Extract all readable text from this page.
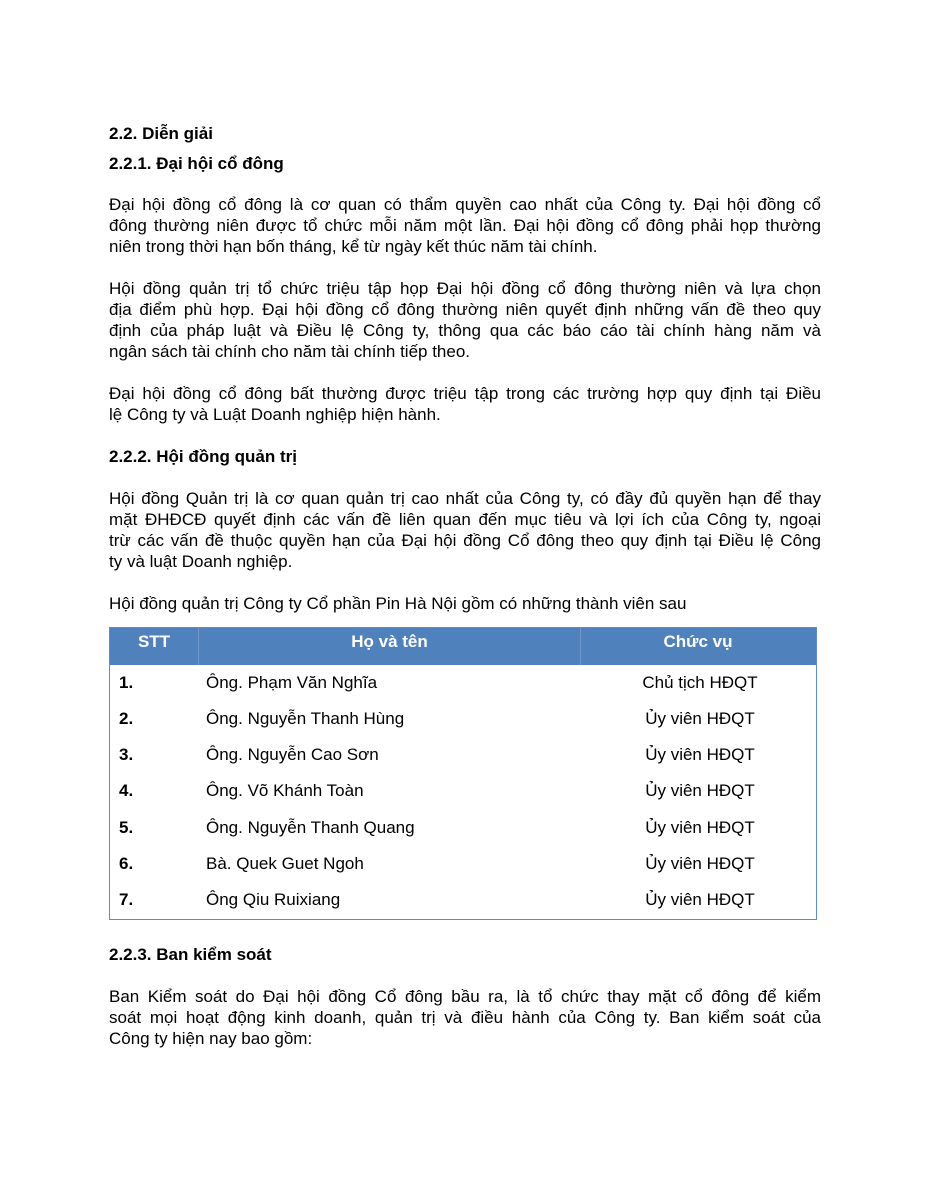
2.2. Diễn giải
2.2.1. Đại hội cổ đông
Đại hội đồng cổ đông là cơ quan có thẩm quyền cao nhất của Công ty. Đại hội đồng cổ
đông thường niên được tổ chức mỗi năm một lần. Đại hội đồng cổ đông phải họp thường
niên trong thời hạn bốn tháng, kể từ ngày kết thúc năm tài chính.
Hội đồng quản trị tổ chức triệu tập họp Đại hội đồng cổ đông thường niên và lựa chọn
địa điểm phù hợp. Đại hội đồng cổ đông thường niên quyết định những vấn đề theo quy
định của pháp luật và Điều lệ Công ty, thông qua các báo cáo tài chính hàng năm và
ngân sách tài chính cho năm tài chính tiếp theo.
Đại hội đồng cổ đông bất thường được triệu tập trong các trường hợp quy định tại Điều
lệ Công ty và Luật Doanh nghiệp hiện hành.
2.2.2. Hội đồng quản trị
Hội đồng Quản trị là cơ quan quản trị cao nhất của Công ty, có đầy đủ quyền hạn để thay
mặt ĐHĐCĐ quyết định các vấn đề liên quan đến mục tiêu và lợi ích của Công ty, ngoại
trừ các vấn đề thuộc quyền hạn của Đại hội đồng Cổ đông theo quy định tại Điều lệ Công
ty và luật Doanh nghiệp.
Hội đồng quản trị Công ty Cổ phần Pin Hà Nội gồm có những thành viên sau
STT	Họ và tên	Chức vụ
1.	Ông. Phạm Văn Nghĩa	Chủ tịch HĐQT
2.	Ông. Nguyễn Thanh Hùng	Ủy viên HĐQT
3.	Ông. Nguyễn Cao Sơn	Ủy viên HĐQT
4.	Ông. Võ Khánh Toàn	Ủy viên HĐQT
5.	Ông. Nguyễn Thanh Quang	Ủy viên HĐQT
6.	Bà. Quek Guet Ngoh	Ủy viên HĐQT
7.	Ông Qiu Ruixiang	Ủy viên HĐQT
2.2.3. Ban kiểm soát
Ban Kiểm soát do Đại hội đồng Cổ đông bầu ra, là tổ chức thay mặt cổ đông để kiểm
soát mọi hoạt động kinh doanh, quản trị và điều hành của Công ty. Ban kiểm soát của
Công ty hiện nay bao gồm:
